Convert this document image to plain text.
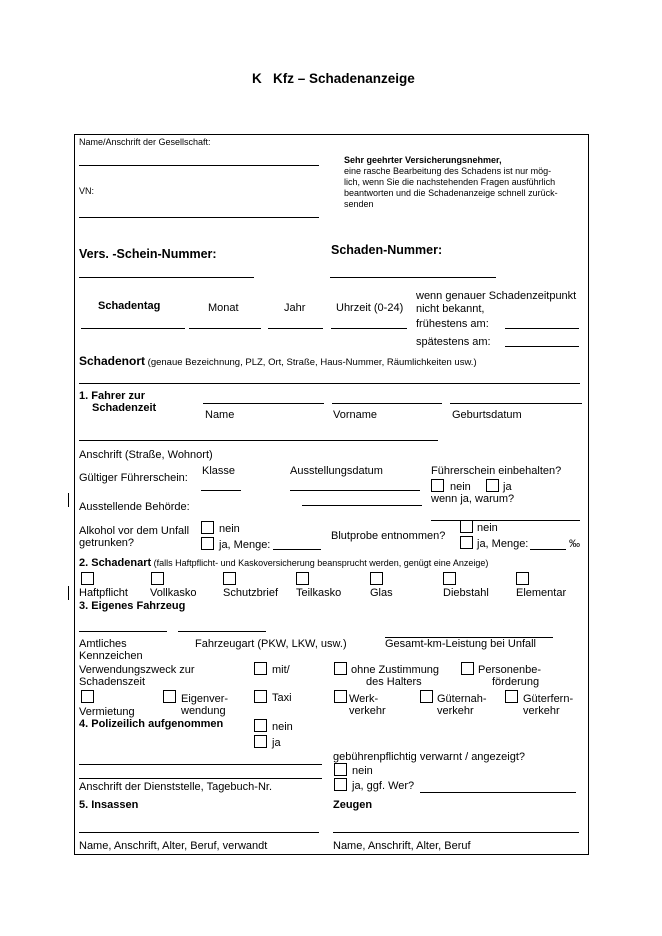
K   Kfz – Schadenanzeige
Name/Anschrift der Gesellschaft:
VN:
Sehr geehrter Versicherungsnehmer,
eine rasche Bearbeitung des Schadens ist nur mög-
lich, wenn Sie die nachstehenden Fragen ausführlich
beantworten und die Schadenanzeige schnell zurück-
senden
Vers. -Schein-Nummer:	Schaden-Nummer:
Schadentag	Monat	Jahr	Uhrzeit (0-24)
wenn genauer Schadenzeitpunkt
nicht bekannt,
frühestens am:
spätestens am:
Schadenort (genaue Bezeichnung, PLZ, Ort, Straße, Haus-Nummer, Räumlichkeiten usw.)
1. Fahrer zur
Schadenzeit
Name	Vorname	Geburtsdatum
Anschrift (Straße, Wohnort)
Gültiger Führerschein:
Klasse	Ausstellungsdatum	Führerschein einbehalten?
nein	ja
Ausstellende Behörde:
wenn ja, warum?
Alkohol vor dem Unfall
getrunken?
nein
ja, Menge:
Blutprobe entnommen?
nein
ja, Menge:	‰
2. Schadenart (falls Haftpflicht- und Kaskoversicherung beansprucht werden, genügt eine Anzeige)
Haftpflicht Vollkasko Schutzbrief Teilkasko	Glas	Diebstahl Elementar
3. Eigenes Fahrzeug
Amtliches
Kennzeichen
Fahrzeugart (PKW, LKW, usw.)	Gesamt-km-Leistung bei Unfall
Verwendungszweck zur
Schadenszeit
mit/	ohne Zustimmung
des Halters
Personenbe-
förderung
Vermietung
Eigenver-
wendung
Taxi	Werk-
verkehr
Güternah-
verkehr
Güterfern-
verkehr
4. Polizeilich aufgenommen	nein
ja
gebührenpflichtig verwarnt / angezeigt?
nein
ja, ggf. Wer?
Anschrift der Dienststelle, Tagebuch-Nr.
5. Insassen	Zeugen
Name, Anschrift, Alter, Beruf, verwandt	Name, Anschrift, Alter, Beruf
